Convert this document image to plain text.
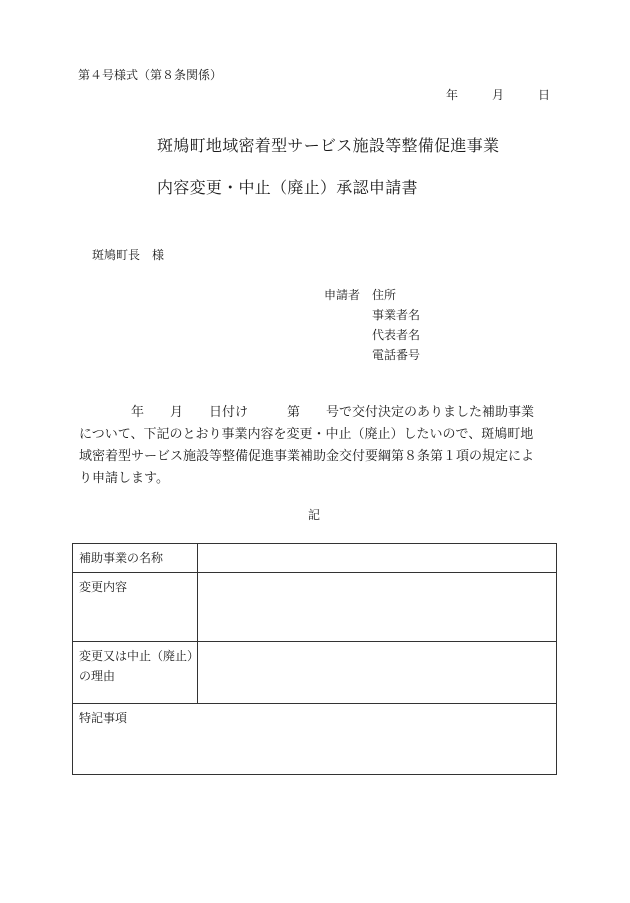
第４号様式（第８条関係）
年	月	日
斑鳩町地域密着型サービス施設等整備促進事業
内容変更・中止（廃止）承認申請書
斑鳩町長　様
申請者 住所
事業者名
代表者名
電話番号
　　　　年　　月　　日付け　　　第　　号で交付決定のありました補助事業
について、下記のとおり事業内容を変更・中止（廃止）したいので、斑鳩町地
域密着型サービス施設等整備促進事業補助金交付要綱第８条第１項の規定によ
り申請します。
記
補助事業の名称	
変更内容	

変更又は中止（廃止）
の理由	

特記事項	
